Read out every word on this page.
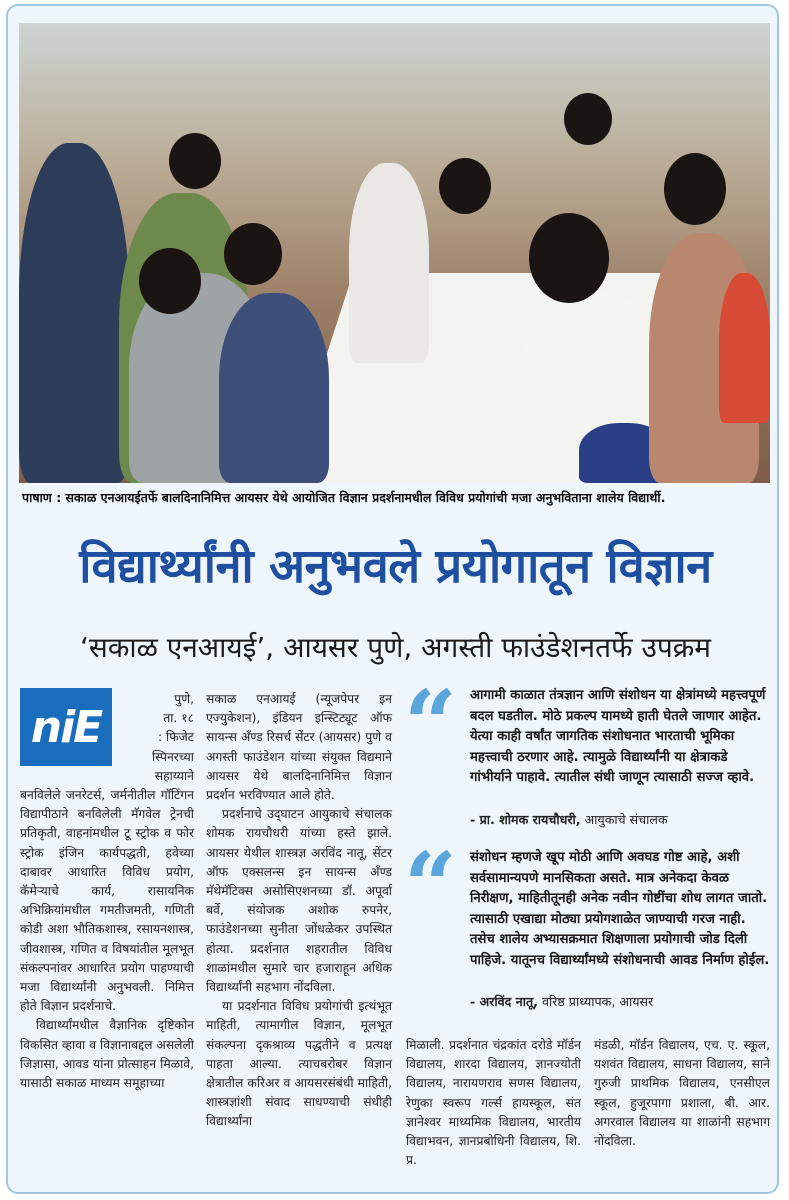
पाषाण : सकाळ एनआयईतर्फे बालदिनानिमित्त आयसर येथे आयोजित विज्ञान प्रदर्शनामधील विविध प्रयोगांची मजा अनुभविताना शालेय विद्यार्थी.
विद्यार्थ्यांनी अनुभवले प्रयोगातून विज्ञान
‘सकाळ एनआयई’, आयसर पुणे, अगस्ती फाउंडेशनतर्फे उपक्रम
niE
पुणे,
ता. १८
: फिजेट
स्पिनरच्या
सहाय्याने

बनविलेले जनरेटर्स, जर्मनीतील गॉटिंगन विद्यापीठाने बनविलेली मॅगवेल ट्रेनची प्रतिकृती, वाहनांमधील टू स्ट्रोक व फोर स्ट्रोक इंजिन कार्यपद्धती, हवेच्या दाबावर आधारित विविध प्रयोग, कॅमेऱ्याचे कार्य, रासायनिक अभिक्रियांमधील गमतीजमती, गणिती कोडी अशा भौतिकशास्त्र, रसायनशास्त्र, जीवशास्त्र, गणित व विषयांतील मूलभूत संकल्पनांवर आधारित प्रयोग पाहण्याची मजा विद्यार्थ्यांनी अनुभवली. निमित्त होते विज्ञान प्रदर्शनाचे.

विद्यार्थ्यांमधील वैज्ञानिक दृष्टिकोन विकसित व्हावा व विज्ञानाबद्दल असलेली जिज्ञासा, आवड यांना प्रोत्साहन मिळावे, यासाठी सकाळ माध्यम समूहाच्या

सकाळ एनआयई (न्यूजपेपर इन एज्युकेशन), इंडियन इन्स्टिट्यूट ऑफ सायन्स अँण्ड रिसर्च सेंटर (आयसर) पुणे व अगस्ती फाउंडेशन यांच्या संयुक्त विद्यमाने आयसर येथे बालदिनानिमित्त विज्ञान प्रदर्शन भरविण्यात आले होते.

प्रदर्शनाचे उद्‍घाटन आयुकाचे संचालक शोमक रायचौधरी यांच्या हस्ते झाले. आयसर येथील शास्त्रज्ञ अरविंद नातू, सेंटर ऑफ एक्सलन्स इन सायन्स अँण्ड मॅथेमॅटिक्स असोसिएशनच्या डॉ. अपूर्वा बर्वे, संयोजक अशोक रुपनेर, फाउंडेशनच्या सुनीता जोंधळेकर उपस्थित होत्या. प्रदर्शनात शहरातील विविध शाळांमधील सुमारे चार हजाराहून अधिक विद्यार्थ्यांनी सहभाग नोंदविला.

या प्रदर्शनात विविध प्रयोगांची इत्थंभूत माहिती, त्यामागील विज्ञान, मूलभूत संकल्पना दृकश्राव्य पद्धतीने व प्रत्यक्ष पाहता आल्या. त्याचबरोबर विज्ञान क्षेत्रातील करिअर व आयसरसंबंधी माहिती, शास्त्रज्ञांशी संवाद साधण्याची संधीही विद्यार्थ्यांना

“ आगामी काळात तंत्रज्ञान आणि संशोधन या क्षेत्रांमध्ये महत्त्वपूर्ण बदल घडतील. मोठे प्रकल्प यामध्ये हाती घेतले जाणार आहेत. येत्या काही वर्षांत जागतिक संशोधनात भारताची भूमिका महत्त्वाची ठरणार आहे. त्यामुळे विद्यार्थ्यांनी या क्षेत्राकडे गांभीर्याने पाहावे. त्यातील संधी जाणून त्यासाठी सज्ज व्हावे.
- प्रा. शोमक रायचौधरी, आयुकाचे संचालक
“ संशोधन म्हणजे खूप मोठी आणि अवघड गोष्ट आहे, अशी सर्वसामान्यपणे मानसिकता असते. मात्र अनेकदा केवळ निरीक्षण, माहितीतूनही अनेक नवीन गोष्टींचा शोध लागत जातो. त्यासाठी एखाद्या मोठ्या प्रयोगशाळेत जाण्याची गरज नाही. तसेच शालेय अभ्यासक्रमात शिक्षणाला प्रयोगाची जोड दिली पाहिजे. यातूनच विद्यार्थ्यांमध्ये संशोधनाची आवड निर्माण होईल.
- अरविंद नातू, वरिष्ठ प्राध्यापक, आयसर

मिळाली. प्रदर्शनात चंद्रकांत दरोडे मॉर्डन विद्यालय, शारदा विद्यालय, ज्ञानज्योती विद्यालय, नारायणराव सणस विद्यालय, रेणुका स्वरूप गर्ल्स हायस्कूल, संत ज्ञानेश्वर माध्यमिक विद्यालय, भारतीय विद्याभवन, ज्ञानप्रबोधिनी विद्यालय, शि. प्र.

मंडळी, मॉर्डन विद्यालय, एच. ए. स्कूल, यशवंत विद्यालय, साधना विद्यालय, साने गुरुजी प्राथमिक विद्यालय, एनसीएल स्कूल, हुजूरपागा प्रशाला, बी. आर. अगरवाल विद्यालय या शाळांनी सहभाग नोंदविला.
